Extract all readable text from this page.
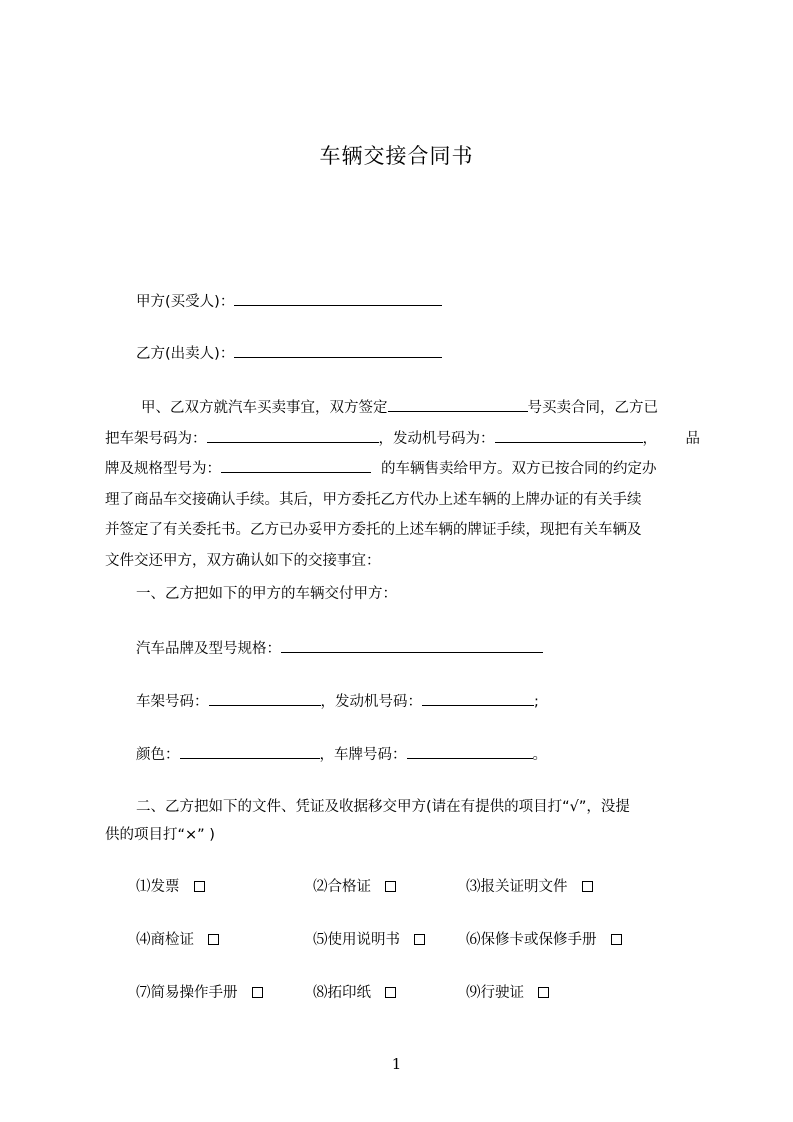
车辆交接合同书
甲方(买受人)：
乙方(出卖人)：
甲、乙双方就汽车买卖事宜，双方签定	号买卖合同，乙方已
把车架号码为：	，发动机号码为：	， 品
牌及规格型号为：	的车辆售卖给甲方。双方已按合同的约定办
理了商品车交接确认手续。其后，甲方委托乙方代办上述车辆的上牌办证的有关手续
并签定了有关委托书。乙方已办妥甲方委托的上述车辆的牌证手续，现把有关车辆及
文件交还甲方，双方确认如下的交接事宜：
一、乙方把如下的甲方的车辆交付甲方：
汽车品牌及型号规格：
车架号码：	，发动机号码：	;
颜色：	，车牌号码：	。
二、乙方把如下的文件、凭证及收据移交甲方(请在有提供的项目打“√”，没提
供的项目打“×” )
⑴发票	⑵合格证	⑶报关证明文件
⑷商检证	⑸使用说明书	⑹保修卡或保修手册
⑺简易操作手册	⑻拓印纸	⑼行驶证
1
